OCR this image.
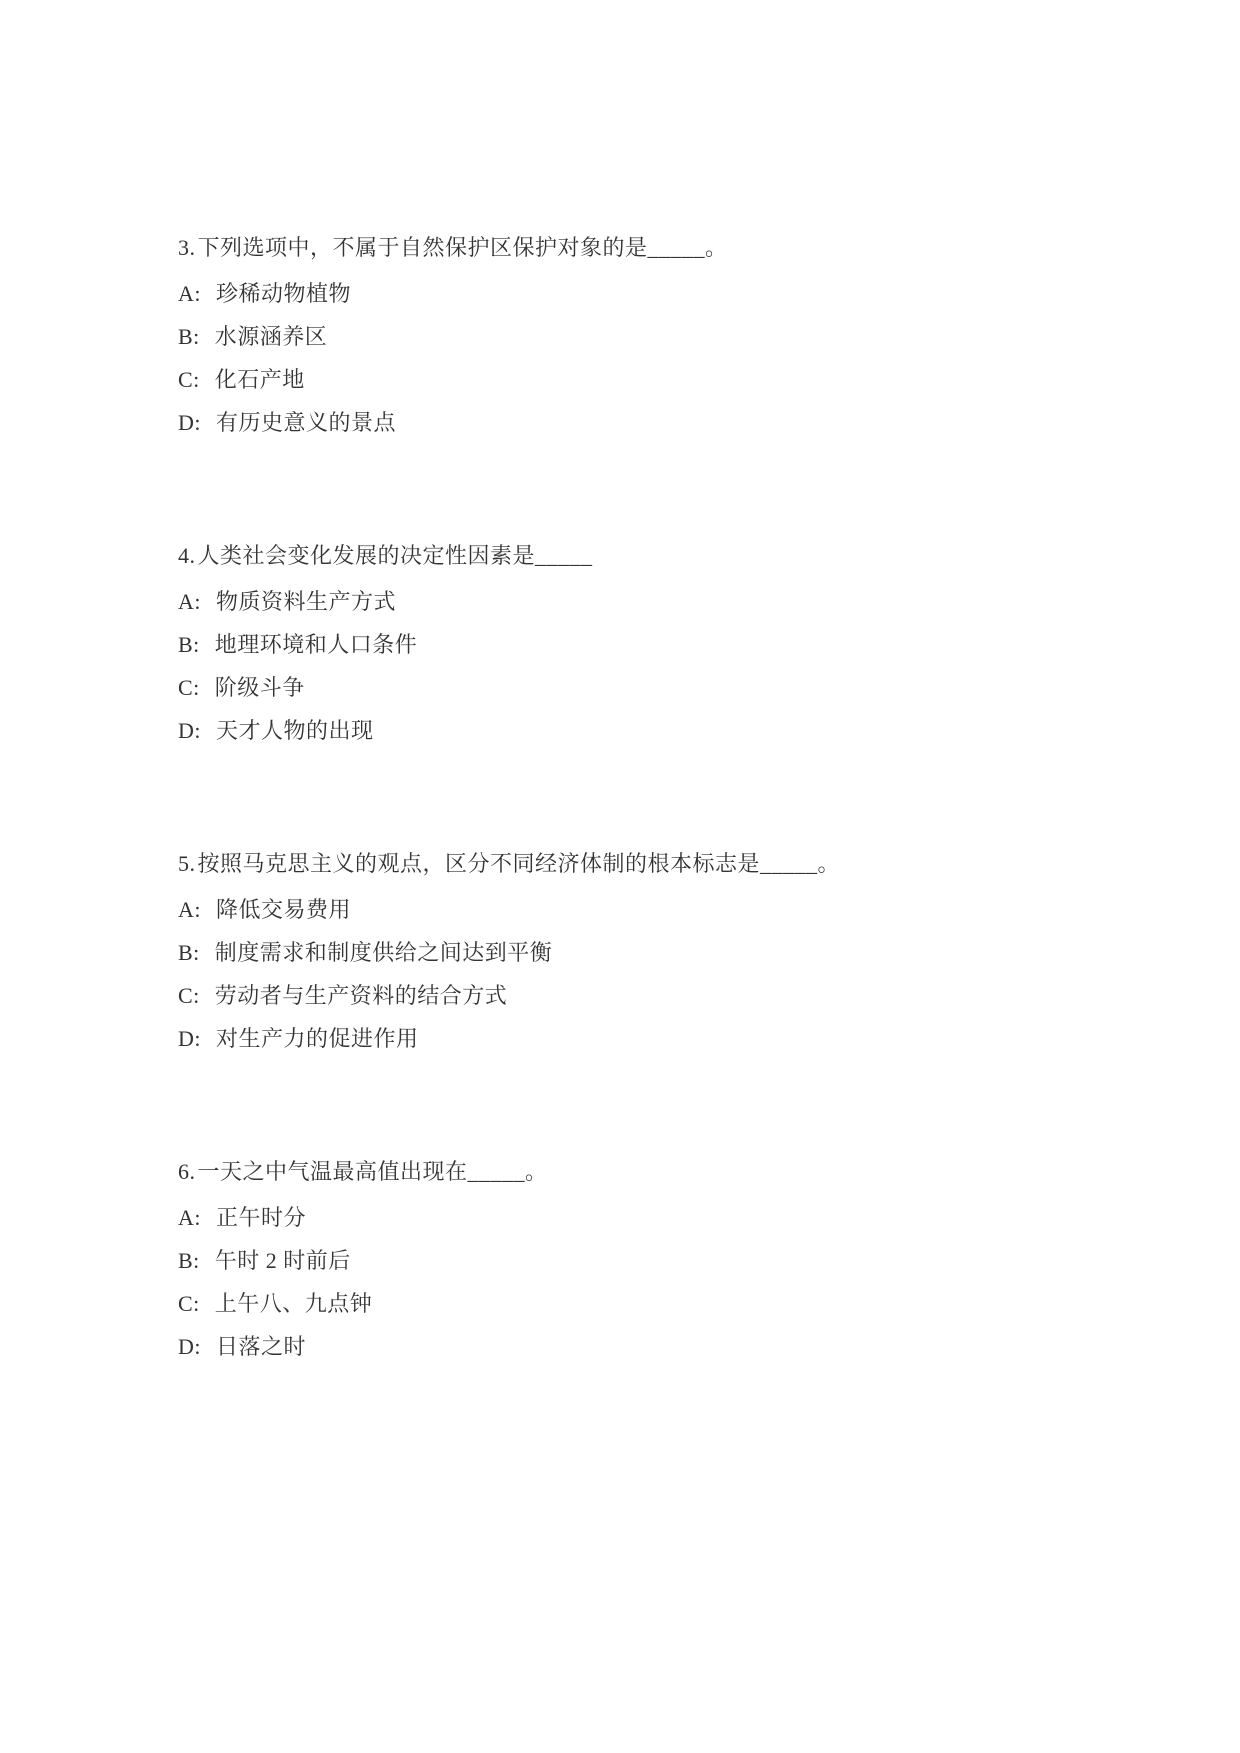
3.下列选项中，不属于自然保护区保护对象的是_____。
A: 珍稀动物植物
B: 水源涵养区
C: 化石产地
D: 有历史意义的景点
4.人类社会变化发展的决定性因素是_____
A: 物质资料生产方式
B: 地理环境和人口条件
C: 阶级斗争
D: 天才人物的出现
5.按照马克思主义的观点，区分不同经济体制的根本标志是_____。
A: 降低交易费用
B: 制度需求和制度供给之间达到平衡
C: 劳动者与生产资料的结合方式
D: 对生产力的促进作用
6.一天之中气温最高值出现在_____。
A: 正午时分
B: 午时 2 时前后
C: 上午八、九点钟
D: 日落之时
